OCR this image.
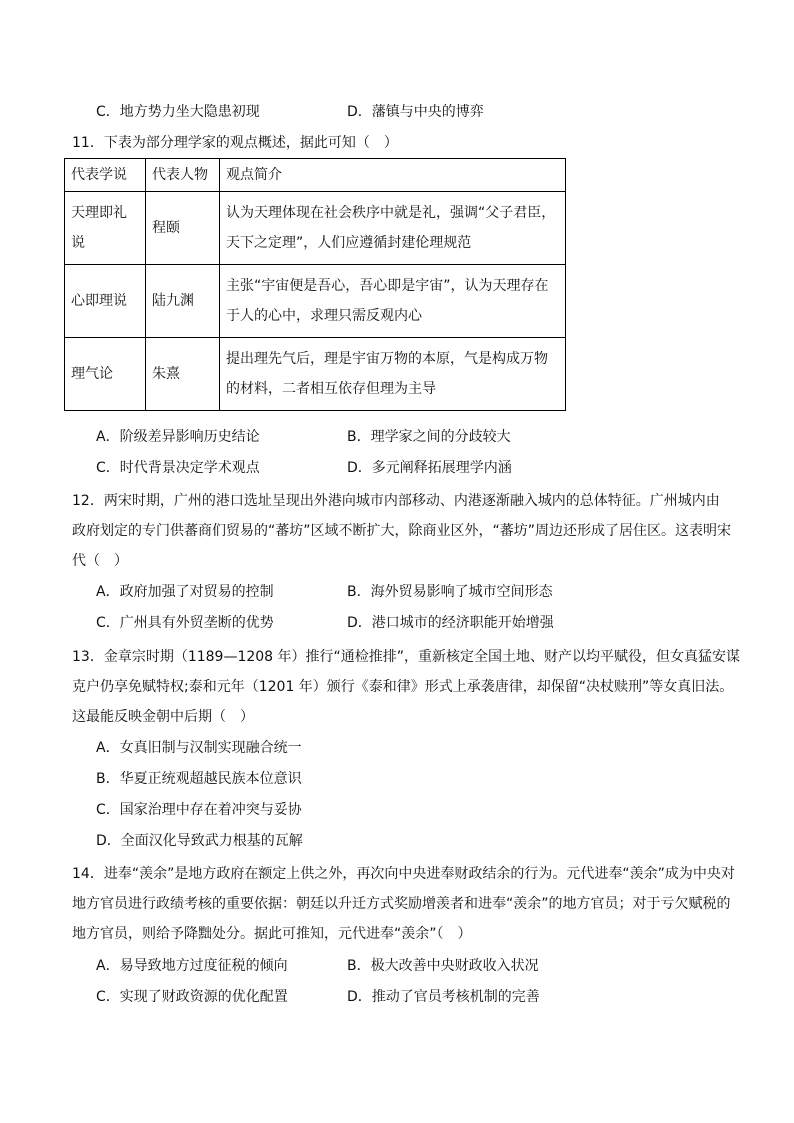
C．地方势力坐大隐患初现	D．藩镇与中央的博弈
11．下表为部分理学家的观点概述，据此可知（　）
代表学说	代表人物	观点简介
天理即礼说	程颐	认为天理体现在社会秩序中就是礼，强调“父子君臣，天下之定理”，人们应遵循封建伦理规范
心即理说	陆九渊	主张“宇宙便是吾心，吾心即是宇宙”，认为天理存在于人的心中，求理只需反观内心
理气论	朱熹	提出理先气后，理是宇宙万物的本原，气是构成万物的材料，二者相互依存但理为主导
A．阶级差异影响历史结论	B．理学家之间的分歧较大
C．时代背景决定学术观点	D．多元阐释拓展理学内涵
12．两宋时期，广州的港口选址呈现出外港向城市内部移动、内港逐渐融入城内的总体特征。广州城内由
政府划定的专门供蕃商们贸易的“蕃坊”区域不断扩大，除商业区外，“蕃坊”周边还形成了居住区。这表明宋
代（　）
A．政府加强了对贸易的控制	B．海外贸易影响了城市空间形态
C．广州具有外贸垄断的优势	D．港口城市的经济职能开始增强
13．金章宗时期（1189—1208 年）推行“通检推排”，重新核定全国土地、财产以均平赋役，但女真猛安谋
克户仍享免赋特权;泰和元年（1201 年）颁行《泰和律》形式上承袭唐律，却保留“决杖赎刑”等女真旧法。
这最能反映金朝中后期（　）
A．女真旧制与汉制实现融合统一
B．华夏正统观超越民族本位意识
C．国家治理中存在着冲突与妥协
D．全面汉化导致武力根基的瓦解
14．进奉“羡余”是地方政府在额定上供之外，再次向中央进奉财政结余的行为。元代进奉“羡余”成为中央对
地方官员进行政绩考核的重要依据：朝廷以升迁方式奖励增羡者和进奉“羡余”的地方官员；对于亏欠赋税的
地方官员，则给予降黜处分。据此可推知，元代进奉“羡余”（　）
A．易导致地方过度征税的倾向	B．极大改善中央财政收入状况
C．实现了财政资源的优化配置	D．推动了官员考核机制的完善
